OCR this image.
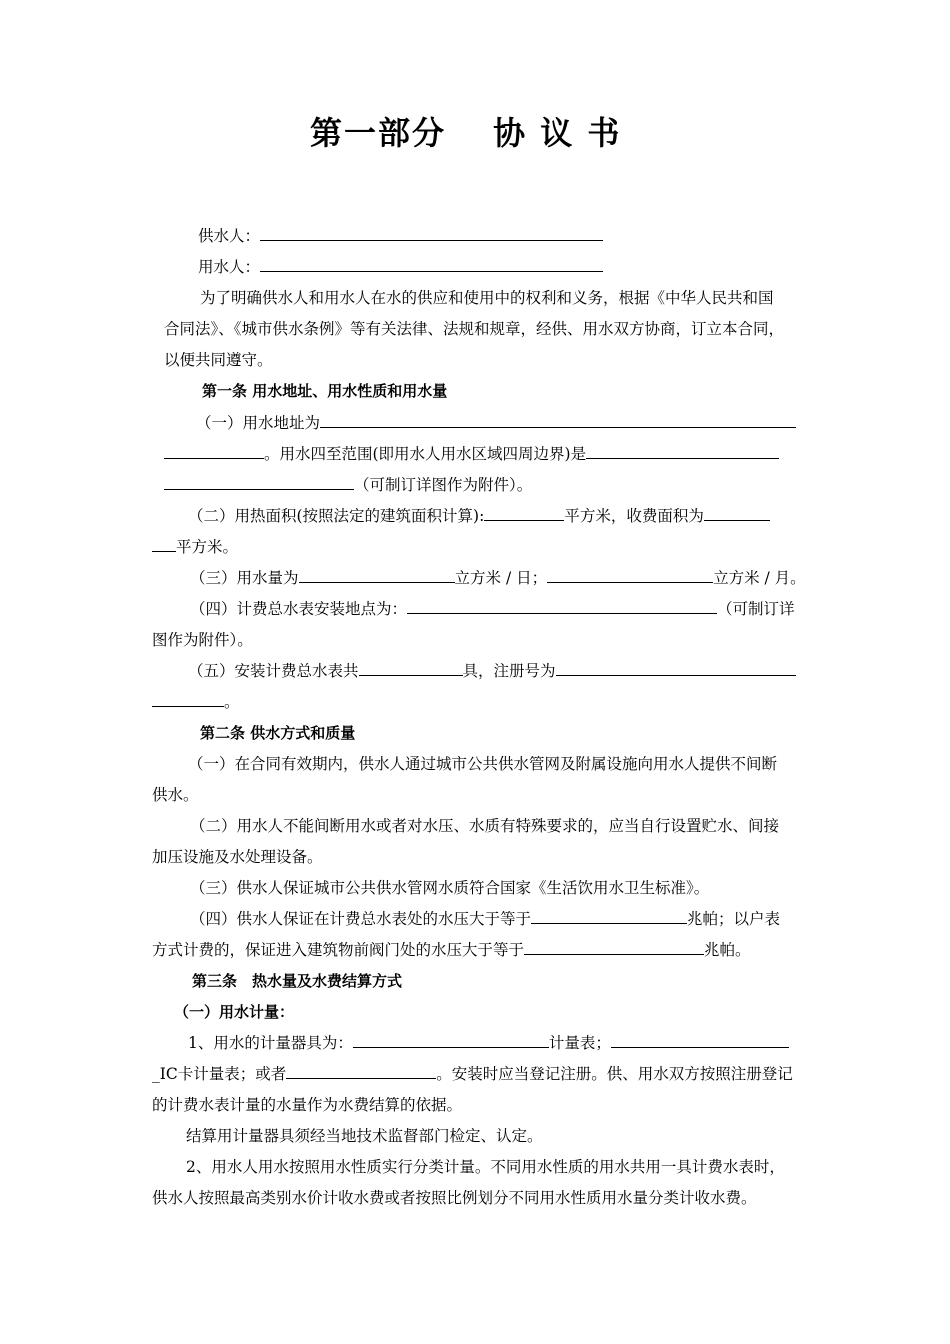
第一部分　 协 议 书
供水人：
用水人：
为了明确供水人和用水人在水的供应和使用中的权利和义务，根据《中华人民共和国
合同法》、《城市供水条例》等有关法律、法规和规章，经供、用水双方协商，订立本合同，
以便共同遵守。
第一条 用水地址、用水性质和用水量
（一）用水地址为
。用水四至范围(即用水人用水区域四周边界)是
（可制订详图作为附件）。
（二）用热面积(按照法定的建筑面积计算):	平方米，收费面积为
平方米。
（三）用水量为	立方米 / 日；	立方米 / 月。
（四）计费总水表安装地点为：	（可制订详
图作为附件）。
（五）安装计费总水表共	具，注册号为
。
第二条 供水方式和质量
（一）在合同有效期内，供水人通过城市公共供水管网及附属设施向用水人提供不间断
供水。
（二）用水人不能间断用水或者对水压、水质有特殊要求的，应当自行设置贮水、间接
加压设施及水处理设备。
（三）供水人保证城市公共供水管网水质符合国家《生活饮用水卫生标准》。
（四）供水人保证在计费总水表处的水压大于等于	兆帕；以户表
方式计费的，保证进入建筑物前阀门处的水压大于等于	兆帕。
第三条　热水量及水费结算方式
（一）用水计量：
1、用水的计量器具为：	计量表；
_IC卡计量表；或者	。安装时应当登记注册。供、用水双方按照注册登记
的计费水表计量的水量作为水费结算的依据。
结算用计量器具须经当地技术监督部门检定、认定。
2、用水人用水按照用水性质实行分类计量。不同用水性质的用水共用一具计费水表时，
供水人按照最高类别水价计收水费或者按照比例划分不同用水性质用水量分类计收水费。
